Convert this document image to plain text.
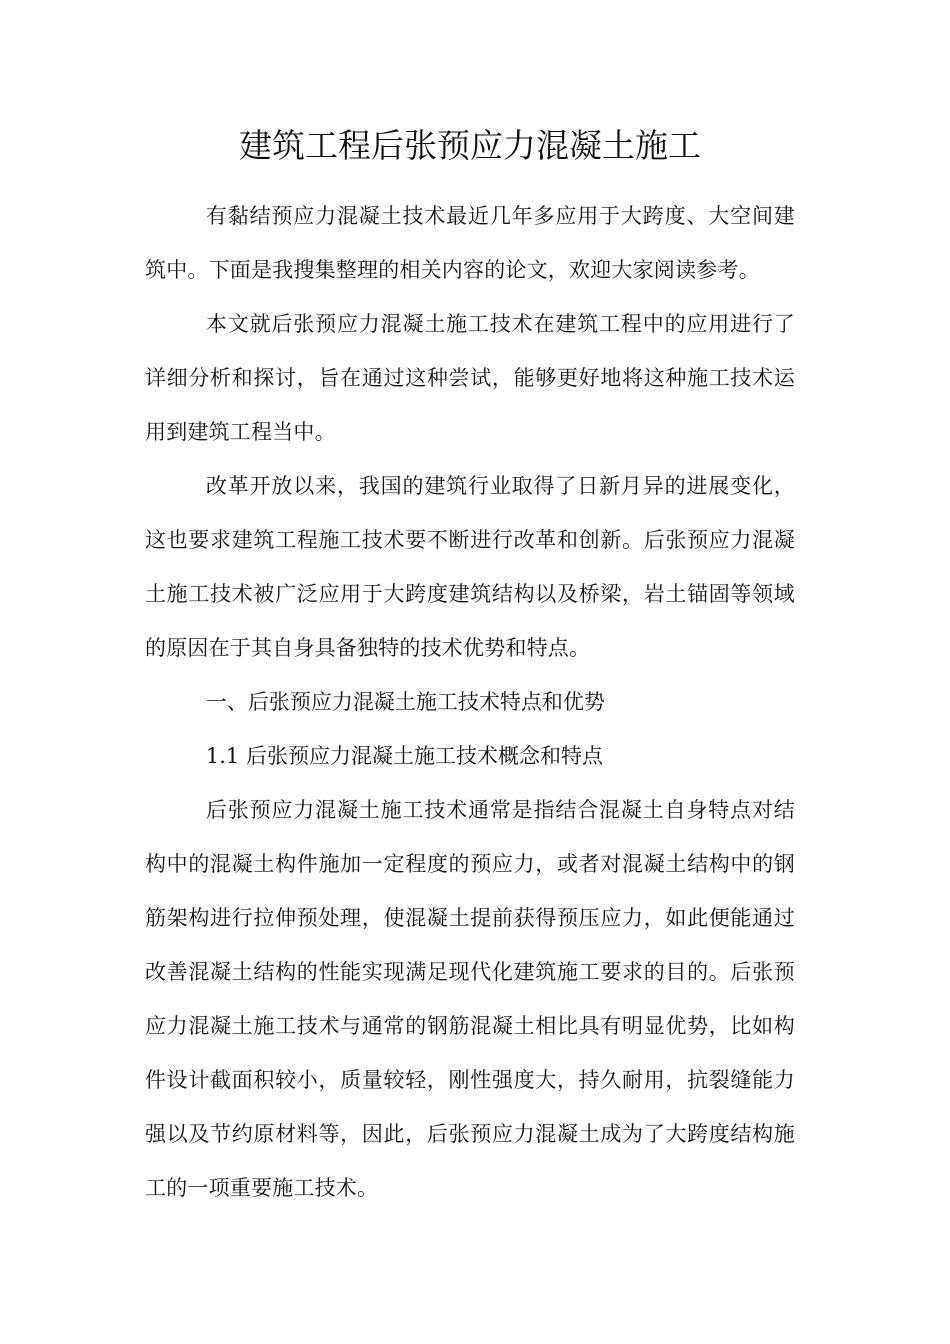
建筑工程后张预应力混凝土施工

有黏结预应力混凝土技术最近几年多应用于大跨度、大空间建筑中。下面是我搜集整理的相关内容的论文，欢迎大家阅读参考。

本文就后张预应力混凝土施工技术在建筑工程中的应用进行了详细分析和探讨，旨在通过这种尝试，能够更好地将这种施工技术运用到建筑工程当中。

改革开放以来，我国的建筑行业取得了日新月异的进展变化，这也要求建筑工程施工技术要不断进行改革和创新。后张预应力混凝土施工技术被广泛应用于大跨度建筑结构以及桥梁，岩土锚固等领域的原因在于其自身具备独特的技术优势和特点。

一、后张预应力混凝土施工技术特点和优势

1.1 后张预应力混凝土施工技术概念和特点

后张预应力混凝土施工技术通常是指结合混凝土自身特点对结构中的混凝土构件施加一定程度的预应力，或者对混凝土结构中的钢筋架构进行拉伸预处理，使混凝土提前获得预压应力，如此便能通过改善混凝土结构的性能实现满足现代化建筑施工要求的目的。后张预应力混凝土施工技术与通常的钢筋混凝土相比具有明显优势，比如构件设计截面积较小，质量较轻，刚性强度大，持久耐用，抗裂缝能力强以及节约原材料等，因此，后张预应力混凝土成为了大跨度结构施工的一项重要施工技术。
